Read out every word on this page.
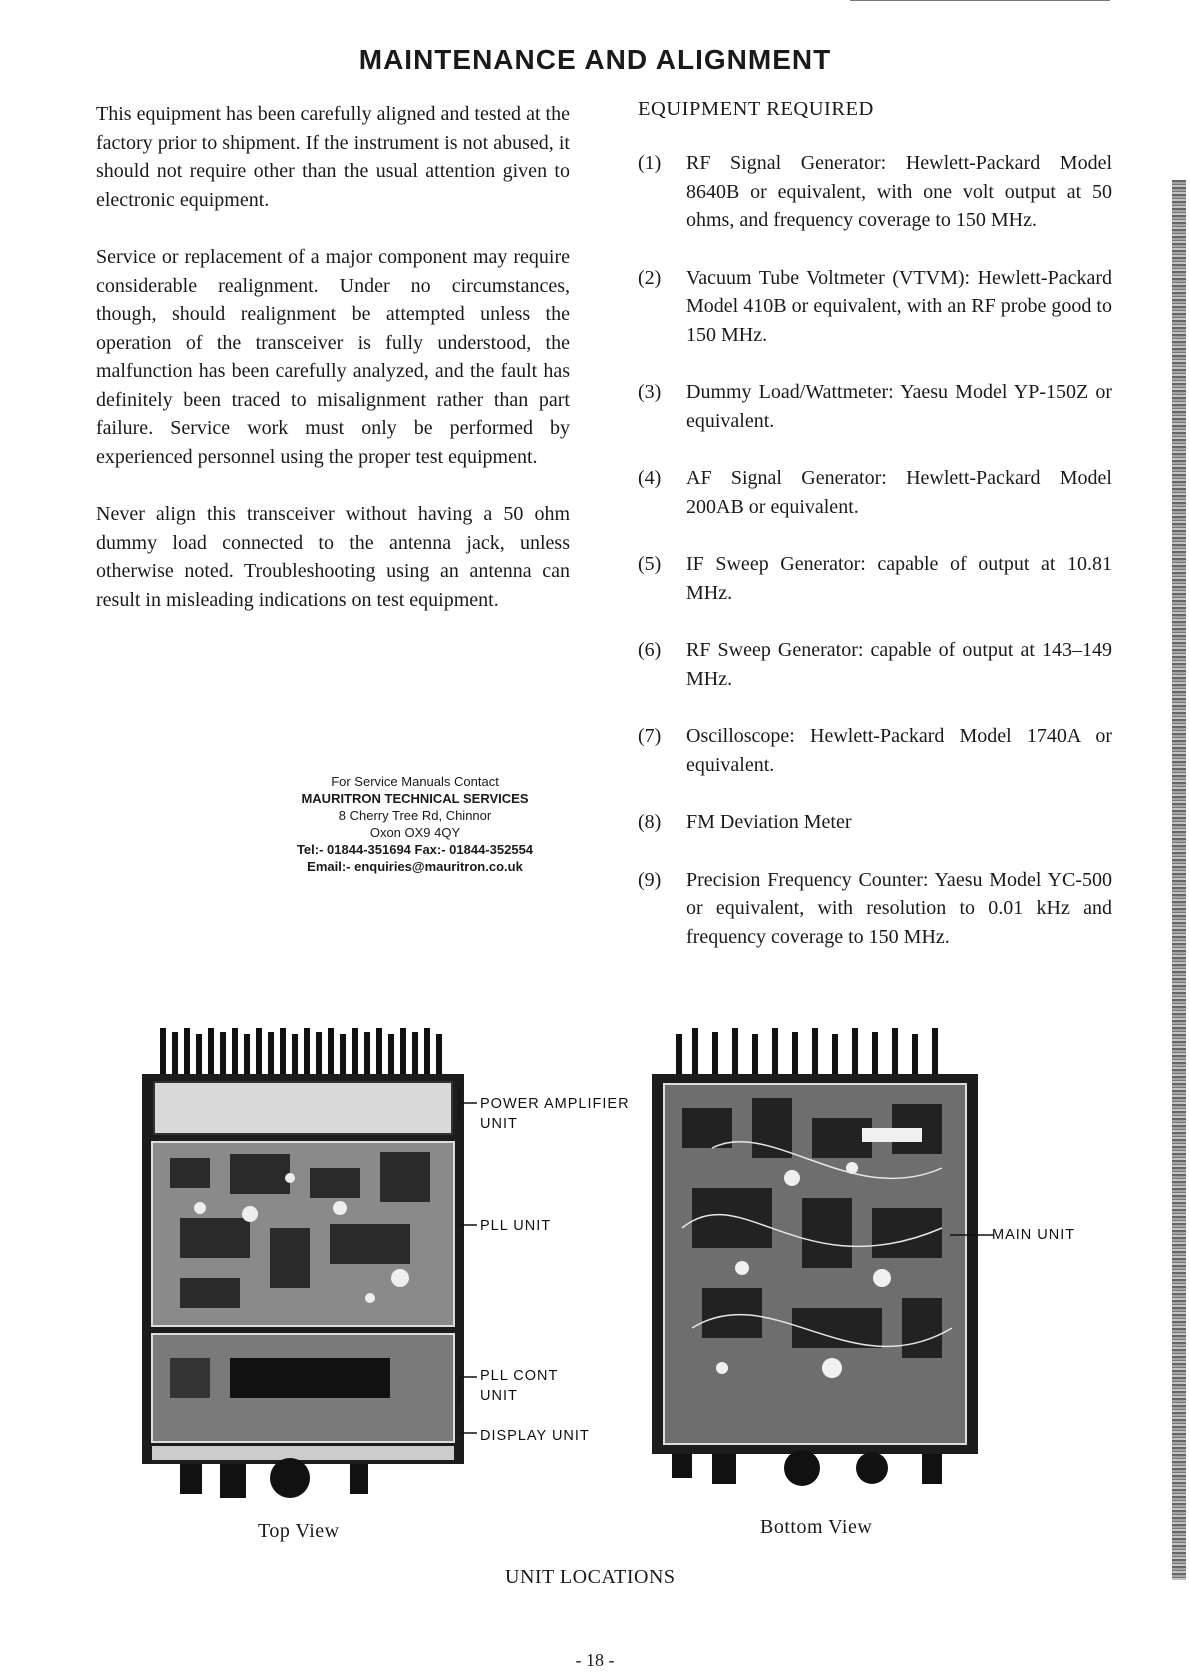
MAINTENANCE AND ALIGNMENT

This equipment has been carefully aligned and tested at the factory prior to shipment. If the instrument is not abused, it should not require other than the usual attention given to electronic equipment.

Service or replacement of a major component may require considerable realignment. Under no circumstances, though, should realignment be attempted unless the operation of the transceiver is fully understood, the malfunction has been carefully analyzed, and the fault has definitely been traced to misalignment rather than part failure. Service work must only be performed by experienced personnel using the proper test equipment.

Never align this transceiver without having a 50 ohm dummy load connected to the antenna jack, unless otherwise noted. Troubleshooting using an antenna can result in misleading indications on test equipment.

EQUIPMENT REQUIRED
(1)	RF Signal Generator: Hewlett-Packard Model 8640B or equivalent, with one volt output at 50 ohms, and frequency coverage to 150 MHz.
(2)	Vacuum Tube Voltmeter (VTVM): Hewlett-Packard Model 410B or equivalent, with an RF probe good to 150 MHz.
(3)	Dummy Load/Wattmeter: Yaesu Model YP-150Z or equivalent.
(4)	AF Signal Generator: Hewlett-Packard Model 200AB or equivalent.
(5)	IF Sweep Generator: capable of output at 10.81 MHz.
(6)	RF Sweep Generator: capable of output at 143–149 MHz.
(7)	Oscilloscope: Hewlett-Packard Model 1740A or equivalent.
(8)	FM Deviation Meter
(9)	Precision Frequency Counter: Yaesu Model YC-500 or equivalent, with resolution to 0.01 kHz and frequency coverage to 150 MHz.
For Service Manuals Contact
MAURITRON TECHNICAL SERVICES
8 Cherry Tree Rd, Chinnor
Oxon OX9 4QY
Tel:- 01844-351694 Fax:- 01844-352554
Email:- enquiries@mauritron.co.uk
POWER AMPLIFIER
UNIT
PLL UNIT
PLL CONT
UNIT
DISPLAY UNIT
MAIN UNIT
Top View	Bottom View
UNIT LOCATIONS
- 18 -
